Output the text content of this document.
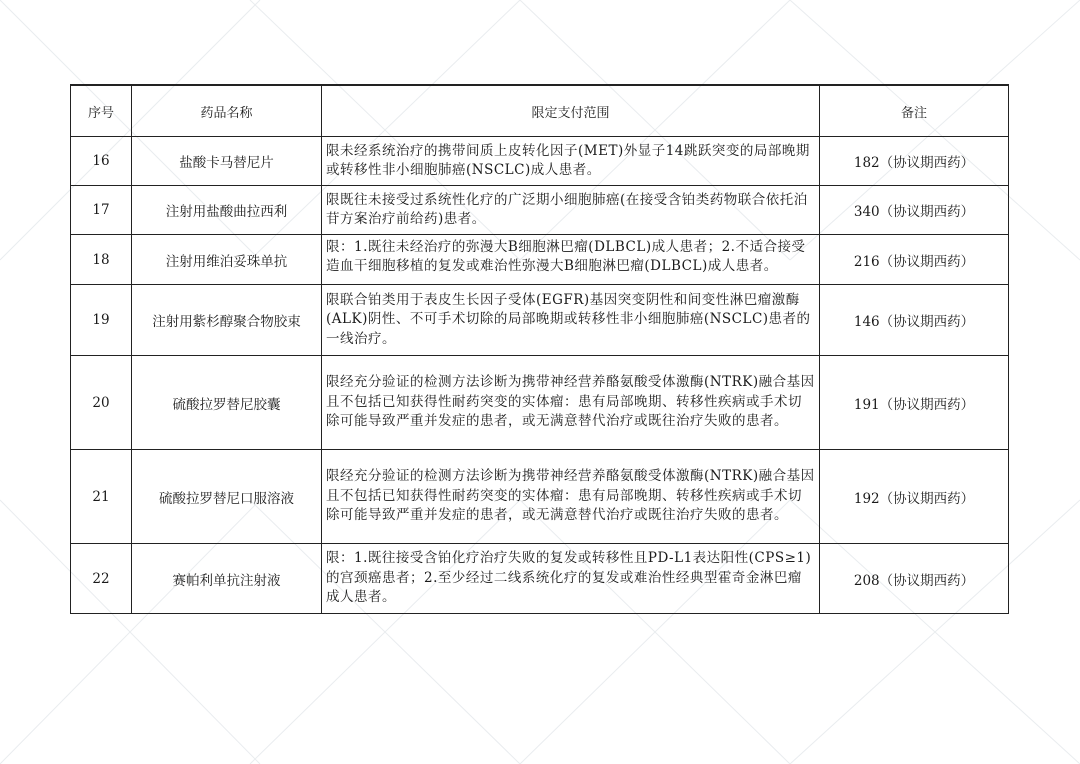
序号	药品名称	限定支付范围	备注
16	盐酸卡马替尼片	限未经系统治疗的携带间质上皮转化因子(MET)外显子14跳跃突变的局部晚期或转移性非小细胞肺癌(NSCLC)成人患者。	182（协议期西药）
17	注射用盐酸曲拉西利	限既往未接受过系统性化疗的广泛期小细胞肺癌(在接受含铂类药物联合依托泊苷方案治疗前给药)患者。	340（协议期西药）
18	注射用维泊妥珠单抗	限：1.既往未经治疗的弥漫大B细胞淋巴瘤(DLBCL)成人患者；2.不适合接受造血干细胞移植的复发或难治性弥漫大B细胞淋巴瘤(DLBCL)成人患者。	216（协议期西药）
19	注射用紫杉醇聚合物胶束	限联合铂类用于表皮生长因子受体(EGFR)基因突变阴性和间变性淋巴瘤激酶(ALK)阴性、不可手术切除的局部晚期或转移性非小细胞肺癌(NSCLC)患者的一线治疗。	146（协议期西药）
20	硫酸拉罗替尼胶囊	限经充分验证的检测方法诊断为携带神经营养酪氨酸受体激酶(NTRK)融合基因且不包括已知获得性耐药突变的实体瘤：患有局部晚期、转移性疾病或手术切除可能导致严重并发症的患者，或无满意替代治疗或既往治疗失败的患者。	191（协议期西药）
21	硫酸拉罗替尼口服溶液	限经充分验证的检测方法诊断为携带神经营养酪氨酸受体激酶(NTRK)融合基因且不包括已知获得性耐药突变的实体瘤：患有局部晚期、转移性疾病或手术切除可能导致严重并发症的患者，或无满意替代治疗或既往治疗失败的患者。	192（协议期西药）
22	赛帕利单抗注射液	限：1.既往接受含铂化疗治疗失败的复发或转移性且PD-L1表达阳性(CPS≥1)的宫颈癌患者；2.至少经过二线系统化疗的复发或难治性经典型霍奇金淋巴瘤成人患者。	208（协议期西药）
